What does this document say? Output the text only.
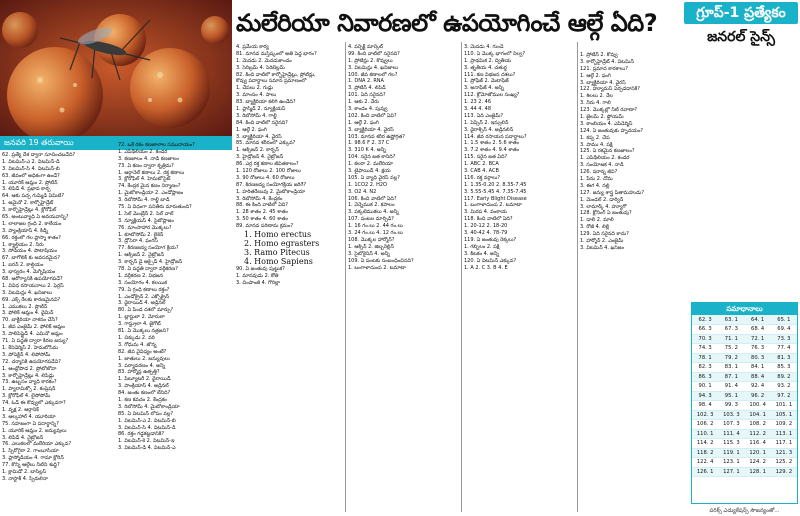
మలేరియా నివారణలో ఉపయోగించే ఆల్గే ఏది?	గ్రూప్-1 ప్రత్యేకం
జనరల్ సైన్స్
జనవరి 19 తరువాయి
62. ప్ర‌త్యే దేశ ద్వారా సూచించబడేది?
1. విటమిన్-ఎ 2. విటమిన్-డి
3. విటమిన్-సి 4. విటమిన్-బి
63. జీవంలో అధికంగా ఉండే?
1. యూరిక్ ఆమ్లం 2. ప్రోటీన్
3. లిపిడ్ 4. ప్రభావ కార్బ
64. ఆకు పచ్చ గుమ్మిడి ఏమిటి?
1. అమైనో 2. కార్బోహైడ్రేట్
3. కార్బొహైడ్రేట్లు 4. క్లోరోఫిల్
65. అంటువ్యాధి ఏ అవయవాన్ని?
1. లాలాజల గ్రంధి 2. కాలేయం
3. ప్యాంక్రియాస్ 4. కిడ్నీ
66. రక్తంలో గల ప్లాస్మా శాతం?
1. క్యాల్షియం 2. నీరు
3. సోడియం 4. పొటాషియం
67. బాగోలిక్ కు అవసరమైన?
1. ఐరన్ 2. కాల్షియం
3. భాస్వరం 4. మెగ్నీషియం
68. ఆరోగ్యానికి ఉపయోగపడే?
1. వివిధ రసాయనాలు 2. ఫెర్రస్
3. విటమిన్లు 4. ఖనిజాలు
69. ఎక్స్ రేలకు కారణమైనవి?
1. ఎముకలు 2. ప్రొటీన్
3. ఫోలిక్ ఆమ్లం 4. థైమిన్
70. బాక్టీరియా నాశనం చేసే?
1. జీవ ఎంజైమ్ 2. ఫోలిక్ ఆమ్లం
3. పాలీపెప్టైడ్ 4. ఎమినో ఆమ్లం
71. ఏ పద్దతి ద్వారా కిరణ జన్యు?
1. కేనిడెర్మిస్ 2. హెమటోసీమ
3. పోపెక్టిన్ 4. లిపోసోమ్
72. చర్మానికి ఉపయోగపడేవి?
1. ఆంథ్రోపొడ 2. ప్రోటోజోవా
3. కార్బోహైడ్రేట్లు 4. లిపిడ్లు
73. ఉబ్బసం వ్యాధి కారకం?
1. ప్యారామిక్సో 2. కంప్రెషన్
3. క్లోరోఫిల్ 4. లైసోసోమ్
74. ఓడ్ ఈ కొవ్వులో ఎక్కువగా?
1. వృక్ష 2. ఆర్గానిక్
3. ఆల్కహాల్ 4. యూరియా
75. సహజంగా ఏ పదార్థాన్ని?
1. యూరిక్ ఆమ్లం 2. జన్యువులు
3. లిపిడ్ 4. నైట్రోజన్
76. ఎలుకలలో మలేరియా ఎక్కువ?
1. స్పిరోగైరా 2. గాంబూసియా
3. ప్లాస్మోడియం 4. గామా క్లోరిన్
77. కొన్ని ఆల్గేలు నీటిని శుద్ధి?
1. క్లామిడో 2. బాసిల్లస్
3. నాస్టాక్ 4. స్పిరులినా
72. ఒకే రకం కణజాలాల సముదాయం?
1. ఎపిథీలియం 2. కండర
3. కణజాలం 4. నాడీ కణజాలం
73. ఏ కణం ద్వారా కృత్రిమ?
1. ఆర్గానెల్ కణాలు 2. రక్త కణాలు
3. క్లోరోఫిల్ 4. హెమటోసైట్
74. కేంద్రక మైన కణం నిర్మాణం?
1. మైటోకాండ్రియా 2. ఎండోప్లాజం
3. రిబోసోమ్ 4. గాల్జీ బాడీ
75. ఏ విధంగా పనితీరు మారుతుంది?
1. సెల్ మెంబ్రేన్ 2. సెల్ వాల్
3. న్యూక్లియస్ 4. సైటోప్లాజం
76. మాంసాహార మొక్కలు?
1. కూటోసోమ్ 2. లైకెన్
3. డ్రోసెరా 4. ఫంగస్
77. కిరణజన్య సంయోగ క్రియ?
1. ఆక్సిజన్ 2. నైట్రోజన్
3. కార్బన్ డై ఆక్సైడ్ 4. హైడ్రోజన్
78. ఏ పద్దతి ద్వారా వర్గీకరణ?
1. వర్గీకరణ 2. విభజన
3. సంయోగం 4. కలయిక
79. ఏ గ్రంధి కణాలు రక్తం?
1. ఎండోక్రైన్ 2. ఎక్సోక్రైన్
3. థైరాయిడ్ 4. అడ్రినల్
80. ఏ పిండ దశలో మార్పు?
1. బ్లాస్టులా 2. మోరులా
3. గాస్ట్రులా 4. జైగోట్
81. ఏ మొక్కలు నత్రజని?
1. చిక్కుడు 2. వరి
3. గోధుమ 4. జొన్న
82. జీవ వైవిధ్యం అంటే?
1. జాతులు 2. జన్యువులు
3. పర్యావరణం 4. అన్నీ
83. హార్మోన్ల ఉత్పత్తి?
1. పిట్యూటరీ 2. థైరాయిడ్
3. పాంక్రియాస్ 4. అడ్రినల్
84. జంతు కణంలో లేనిది?
1. కణ కవచం 2. కేంద్రకం
3. రిబోసోమ్ 4. మైటోకాండ్రియా
85. ఏ విటమిన్ లోపం వల్ల?
1. విటమిన్-ఎ 2. విటమిన్-బి
3. విటమిన్-సి 4. విటమిన్-డి
86. రక్తం గడ్డకట్టడానికి?
1. విటమిన్-కె 2. విటమిన్-ఇ
3. విటమిన్-డి 4. విటమిన్-ఎ
4. ప్రమేయ కార్య
81. మానవ మస్తిష్కంలో అతి పెద్ద భాగం?
1. మెదడు 2. మెదడుకాండం
3. సెరిబ్రమ్ 4. సెరిబెల్లమ్
82. కింది వాటిలో కార్బోహైడ్రేట్లు, ప్రోటీన్లు,
కొవ్వు పదార్థాలు సమాన ప్రమాణంలో
1. చేపలు 2. గుడ్లు
3. మాంసం 4. పాలు
83. బ్యాక్టీరియా కలిగి ఉండేది?
1. ప్లాస్మిడ్ 2. న్యూక్లియస్
3. రిబోసోమ్ 4. గాల్జీ
84. కింది వాటిలో సరైనది?
1. ఆల్గే 2. ఫంగి
3. బ్యాక్టీరియా 4. వైరస్
85. మానవ శరీరంలో ఎక్కువ?
1. ఆక్సిజన్ 2. కార్బన్
3. హైడ్రోజన్ 4. నైట్రోజన్
86. ఎర్ర రక్త కణాల జీవితకాలం?
1. 120 రోజులు 2. 100 రోజులు
3. 90 రోజులు 4. 60 రోజులు
87. కిరణజన్య సంయోగక్రియ జరిగే?
1. హరితరేణువు 2. మైటోకాండ్రియా
3. రిబోసోమ్ 4. కేంద్రకం
88. ఈ కింది వాటిలో ఏది?
1. 28 శాతం 2. 45 శాతం
3. 50 శాతం 4. 60 శాతం
89. మానవ పరిణామ క్రమం?
1. Homo erectus
2. Homo egrasters
3. Ramo Pitecus
4. Homo Sapiens
90. ఏ జంతువు పుట్టుక?
1. మానవుడు 2. కోతి
3. చింపాంజీ 4. గొరిల్లా
4. పర్ఫెక్ట్ మార్కెట్
99. కింది వాటిలో సరైనది?
1. ప్రోటీన్లు 2. కొవ్వులు
3. విటమిన్లు 4. ఖనిజాలు
100. జీవ కణాలలో గల?
1. DNA 2. RNA
3. ప్రోటీన్ 4. లిపిడ్
101. ఏది సరైనది?
1. ఆకు 2. వేరు
3. కాండం 4. పువ్వు
102. కింది వాటిలో ఏవి?
1. ఆల్గే 2. ఫంగి
3. బ్యాక్టీరియా 4. వైరస్
103. మానవ శరీర ఉష్ణోగ్రత?
1. 98.6 F 2. 37 C
3. 310 K 4. అన్నీ
104. సరైన జత కానిది?
1. కలరా 2. మలేరియా
3. టైఫాయిడ్ 4. క్షయ
105. ఏ వ్యాధి వైరస్ వల్ల?
1. 1CO2 2. H2O
3. O2 4. N2
106. కింది వాటిలో ఏది?
1. వెన్నెముక 2. కపాలం
3. పక్కటెముకలు 4. అన్నీ
107. పంటల మార్పిడి?
1. 16 గం.లు 2. 44 గం.లు
3. 24 గం.లు 4. 12 గం.లు
108. మొక్కల హార్మోన్?
1. ఆక్సిన్ 2. జిబ్బరెల్లిన్
3. సైటోకైనిన్ 4. అన్నీ
109. ఏ పంటకు సంబంధించినది?
1. బంగాళాదుంప 2. టమాటా
3. మెదడు 4. గుండె
110. ఏ మొక్క భాగంలో నిల్వ?
1. ప్రాథమిక 2. ద్వితీయ
3. తృతీయ 4. చతుర్థ
111. కణ విభజన దశలు?
1. ప్రోఫేజ్ 2. మెటాఫేజ్
3. అనాఫేజ్ 4. అన్నీ
112. క్రోమోజోముల సంఖ్య?
1. 23 2. 46
3. 44 4. 48
113. ఏది ఎంజైమ్?
1. పెప్సిన్ 2. ఇన్సులిన్
3. థైరాక్సిన్ 4. అడ్రినలిన్
114. జీవ రసాయన పదార్థాలు?
1. 1.5 శాతం 2. 5.6 శాతం
3. 7.2 శాతం 4. 9.4 శాతం
115. సరైన జత ఏది?
1. ABC 2. BCA
3. CAB 4. ACB
116. రక్త వర్గాలు?
1. 1.35-0.20 2. 8.35-7.45
3. 5.55-5.45 4. 7.35-7.45
117. Early Blight Disease
1. బంగాళాదుంప 2. టమాటా
3. మిరప 4. వంకాయ
118. కింది వాటిలో ఏది?
1. 20-12 2. 18-20
3. 40-42 4. 78-79
119. ఏ జంతువు రెక్కలు?
1. గబ్బిలం 2. పక్షి
3. కీటకం 4. అన్నీ
120. ఏ విటమిన్ ఎక్కువ?
1. A 2. C 3. B 4. E
1. ప్రోటీన్ 2. కొవ్వు
3. కార్బోహైడ్రేట్ 4. విటమిన్
121. ప్రమాద కారకాలు?
1. ఆల్గే 2. ఫంగి
3. బ్యాక్టీరియా 4. వైరస్
122. హ్యూమస్ ఏర్పడడానికి?
1. శిలలు 2. నేల
3. నీరు 4. గాలి
123. మొక్కల్లో నీటి రవాణా?
1. జైలమ్ 2. ఫ్లోయమ్
3. కాంబియం 4. ఎపిడెర్మిస్
124. ఏ జంతువుకు హృదయం?
1. కప్ప 2. చేప
3. పాము 4. పక్షి
125. ఏ రకమైన కణజాలం?
1. ఎపిథీలియం 2. కండర
3. సంయోజక 4. నాడీ
126. పరాన్న జీవి?
1. పేను 2. దోమ
3. ఈగ 4. నల్లి
127. జన్యు శాస్త్ర పితామహుడు?
1. మెండల్ 2. డార్విన్
3. లామార్క్ 4. హ్యూగో
128. క్లోనింగ్ ఏ జంతువు?
1. డాలీ 2. మాలీ
3. రోజీ 4. లిల్లీ
129. ఏది సరైనది కాదు?
1. హార్మోన్ 2. ఎంజైమ్
3. విటమిన్ 4. ఖనిజం
సమాధానాలు
62. 3	63. 1	64. 1	65. 1
66. 3	67. 3	68. 4	69. 4
70. 3	71. 1	72. 1	73. 3
74. 3	75. 2	76. 3	77. 4
78. 1	79. 2	80. 3	81. 3
82. 3	83. 1	84. 1	85. 3
86. 3	87. 1	88. 4	89. 2
90. 1	91. 4	92. 4	93. 2
94. 3	95. 1	96. 2	97. 2
98. 4	99. 3	100. 4	101. 1
102. 3	103. 3	104. 1	105. 1
106. 2	107. 3	108. 2	109. 2
110. 1	111. 4	112. 2	113. 1
114. 2	115. 3	116. 4	117. 1
118. 2	119. 1	120. 1	121. 3
122. 4	123. 1	124. 2	125. 2
126. 1	127. 1	128. 1	129. 2
పరిక్స్ ఎడ్యుకేషన్స్ సౌజన్యంతో...
